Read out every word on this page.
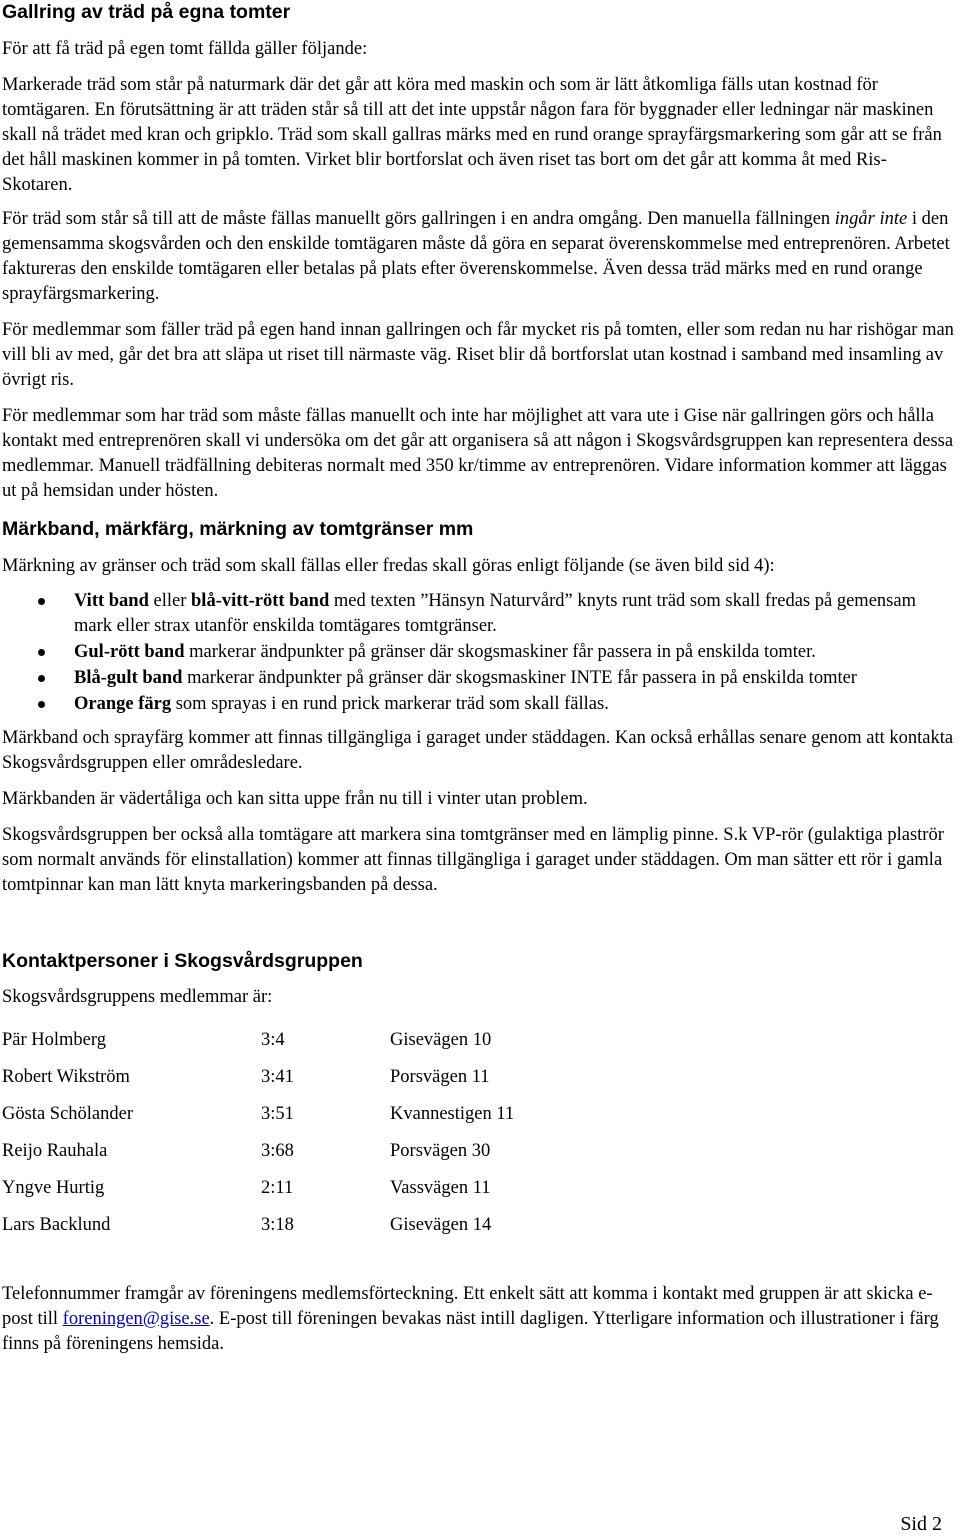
Gallring av träd på egna tomter

För att få träd på egen tomt fällda gäller följande:

Markerade träd som står på naturmark där det går att köra med maskin och som är lätt åtkomliga fälls utan kostnad för tomtägaren. En förutsättning är att träden står så till att det inte uppstår någon fara för byggnader eller ledningar när maskinen skall nå trädet med kran och gripklo. Träd som skall gallras märks med en rund orange sprayfärgsmarkering som går att se från det håll maskinen kommer in på tomten. Virket blir bortforslat och även riset tas bort om det går att komma åt med Ris-Skotaren.

För träd som står så till att de måste fällas manuellt görs gallringen i en andra omgång. Den manuella fällningen ingår inte i den gemensamma skogsvården och den enskilde tomtägaren måste då göra en separat överenskommelse med entreprenören. Arbetet faktureras den enskilde tomtägaren eller betalas på plats efter överenskommelse. Även dessa träd märks med en rund orange sprayfärgsmarkering.

För medlemmar som fäller träd på egen hand innan gallringen och får mycket ris på tomten, eller som redan nu har rishögar man vill bli av med, går det bra att släpa ut riset till närmaste väg. Riset blir då bortforslat utan kostnad i samband med insamling av övrigt ris.

För medlemmar som har träd som måste fällas manuellt och inte har möjlighet att vara ute i Gise när gallringen görs och hålla kontakt med entreprenören skall vi undersöka om det går att organisera så att någon i Skogsvårdsgruppen kan representera dessa medlemmar. Manuell trädfällning debiteras normalt med 350 kr/timme av entreprenören. Vidare information kommer att läggas ut på hemsidan under hösten.

Märkband, märkfärg, märkning av tomtgränser mm

Märkning av gränser och träd som skall fällas eller fredas skall göras enligt följande (se även bild sid 4):

Vitt band eller blå-vitt-rött band med texten ”Hänsyn Naturvård” knyts runt träd som skall fredas på gemensam mark eller strax utanför enskilda tomtägares tomtgränser.
Gul-rött band markerar ändpunkter på gränser där skogsmaskiner får passera in på enskilda tomter.
Blå-gult band markerar ändpunkter på gränser där skogsmaskiner INTE får passera in på enskilda tomter
Orange färg som sprayas i en rund prick markerar träd som skall fällas.

Märkband och sprayfärg kommer att finnas tillgängliga i garaget under städdagen. Kan också erhållas senare genom att kontakta Skogsvårdsgruppen eller områdesledare.

Märkbanden är vädertåliga och kan sitta uppe från nu till i vinter utan problem.

Skogsvårdsgruppen ber också alla tomtägare att markera sina tomtgränser med en lämplig pinne. S.k VP-rör (gulaktiga plaströr som normalt används för elinstallation) kommer att finnas tillgängliga i garaget under städdagen. Om man sätter ett rör i gamla tomtpinnar kan man lätt knyta markeringsbanden på dessa.

Kontaktpersoner i Skogsvårdsgruppen

Skogsvårdsgruppens medlemmar är:

Pär Holmberg	3:4	Gisevägen 10
Robert Wikström	3:41	Porsvägen 11
Gösta Schölander	3:51	Kvannestigen 11
Reijo Rauhala	3:68	Porsvägen 30
Yngve Hurtig	2:11	Vassvägen 11
Lars Backlund	3:18	Gisevägen 14

Telefonnummer framgår av föreningens medlemsförteckning. Ett enkelt sätt att komma i kontakt med gruppen är att skicka e-post till foreningen@gise.se. E-post till föreningen bevakas näst intill dagligen. Ytterligare information och illustrationer i färg finns på föreningens hemsida.

Sid 2
